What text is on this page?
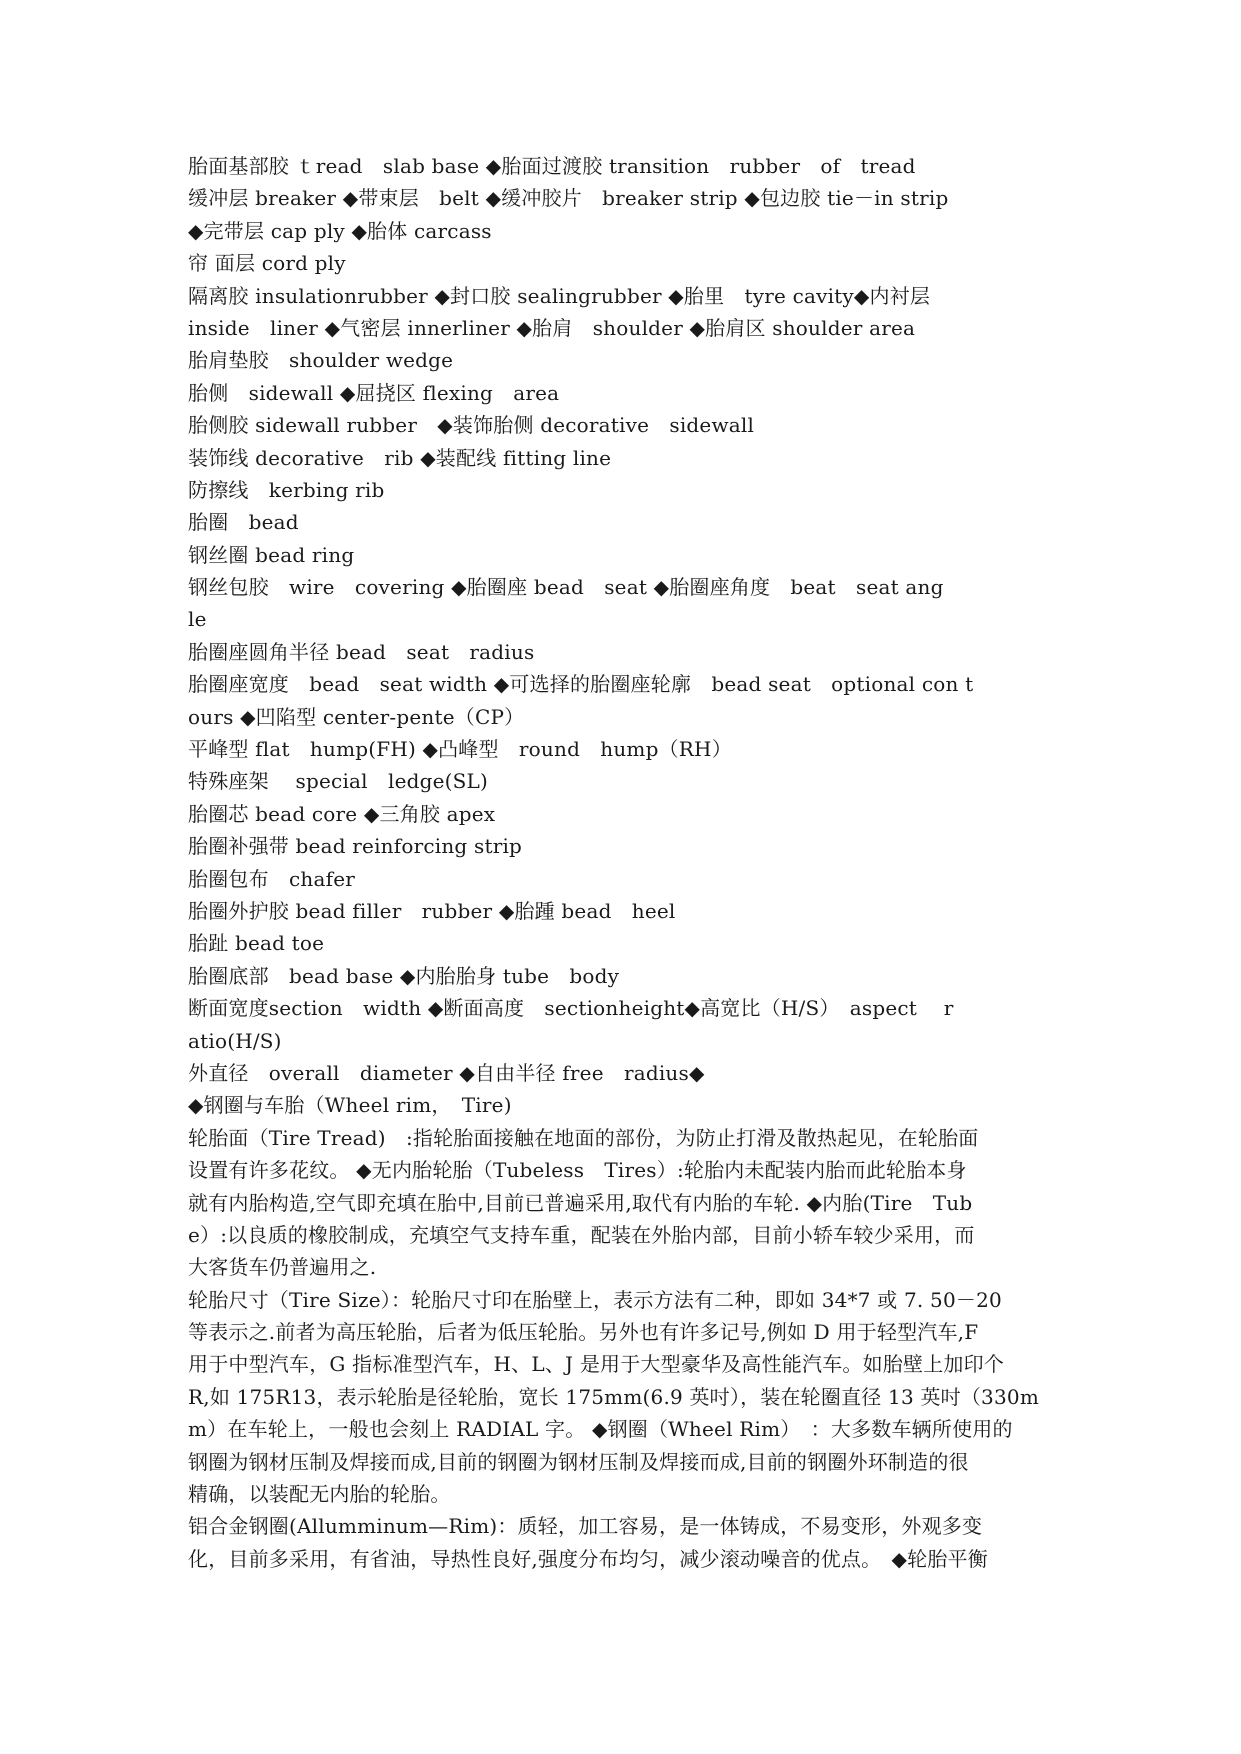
胎面基部胶 ｔread　slab base ◆胎面过渡胶 transition　rubber　of　tread
缓冲层 breaker ◆带束层　belt ◆缓冲胶片　breaker strip ◆包边胶 tie－in strip
◆完带层 cap ply ◆胎体 carcass
帘 面层 cord ply
隔离胶 insulationrubber ◆封口胶 sealingrubber ◆胎里　tyre cavity◆内衬层
inside　liner ◆气密层 innerliner ◆胎肩　shoulder ◆胎肩区 shoulder area
胎肩垫胶　shoulder wedge
胎侧　sidewall ◆屈挠区 flexing　area
胎侧胶 sidewall rubber　◆装饰胎侧 decorative　sidewall
装饰线 decorative　rib ◆装配线 fitting line
防擦线　kerbing rib
胎圈　bead
钢丝圈 bead ring
钢丝包胶　wire　covering ◆胎圈座 bead　seat ◆胎圈座角度　beat　seat ang
le
胎圈座圆角半径 bead　seat　radius
胎圈座宽度　bead　seat width ◆可选择的胎圈座轮廓　bead seat　optional con t
ours ◆凹陷型 center-pente（CP）
平峰型 flat　hump(FH) ◆凸峰型　round　hump（RH）
特殊座架　 special　ledge(SL)
胎圈芯 bead core ◆三角胶 apex
胎圈补强带 bead reinforcing strip
胎圈包布　chafer
胎圈外护胶 bead filler　rubber ◆胎踵 bead　heel
胎趾 bead toe
胎圈底部　bead base ◆内胎胎身 tube　body
断面宽度section　width ◆断面高度　sectionheight◆高宽比（H/S）　aspect　 r
atio(H/S)
外直径　overall　diameter ◆自由半径 free　radius◆
◆钢圈与车胎（Wheel rim，　Tire)
轮胎面（Tire Tread)　:指轮胎面接触在地面的部份，为防止打滑及散热起见，在轮胎面
设置有许多花纹。 ◆无内胎轮胎（Tubeless　Tires）:轮胎内未配装内胎而此轮胎本身
就有内胎构造,空气即充填在胎中,目前已普遍采用,取代有内胎的车轮. ◆内胎(Tire　Tub
e）:以良质的橡胶制成，充填空气支持车重，配装在外胎内部，目前小轿车较少采用，而
大客货车仍普遍用之.
轮胎尺寸（Tire Size）：轮胎尺寸印在胎壁上，表示方法有二种，即如 34*7 或 7. 50－20
等表示之.前者为高压轮胎，后者为低压轮胎。另外也有许多记号,例如 D 用于轻型汽车,F
用于中型汽车，G 指标准型汽车，H、L、J 是用于大型豪华及高性能汽车。如胎壁上加印个
R,如 175R13，表示轮胎是径轮胎，宽长 175mm(6.9 英吋），装在轮圈直径 13 英吋（330m
m）在车轮上，一般也会刻上 RADIAL 字。 ◆钢圈（Wheel Rim）　：大多数车辆所使用的
钢圈为钢材压制及焊接而成,目前的钢圈为钢材压制及焊接而成,目前的钢圈外环制造的很
精确，以装配无内胎的轮胎。
铝合金钢圈(Allumminum—Rim)：质轻，加工容易，是一体铸成，不易变形，外观多变
化，目前多采用，有省油，导热性良好,强度分布均匀，减少滚动噪音的优点。　◆轮胎平衡
